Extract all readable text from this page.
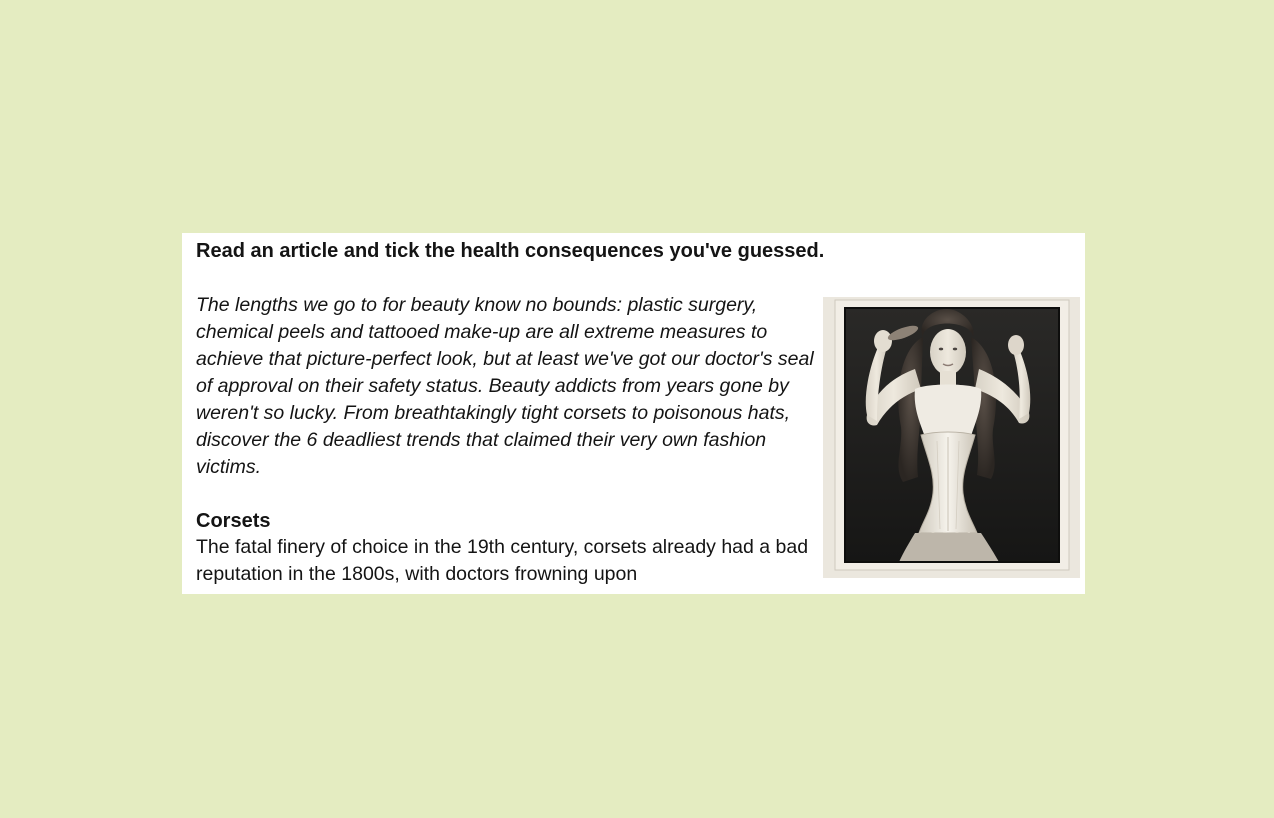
Read an article and tick the health consequences you've guessed.

The lengths we go to for beauty know no bounds: plastic surgery, chemical peels and tattooed make-up are all extreme measures to achieve that picture-perfect look, but at least we've got our doctor's seal of approval on their safety status. Beauty addicts from years gone by weren't so lucky. From breathtakingly tight corsets to poisonous hats, discover the 6 deadliest trends that claimed their very own fashion victims.

Corsets

The fatal finery of choice in the 19th century, corsets already had a bad reputation in the 1800s, with doctors frowning upon
